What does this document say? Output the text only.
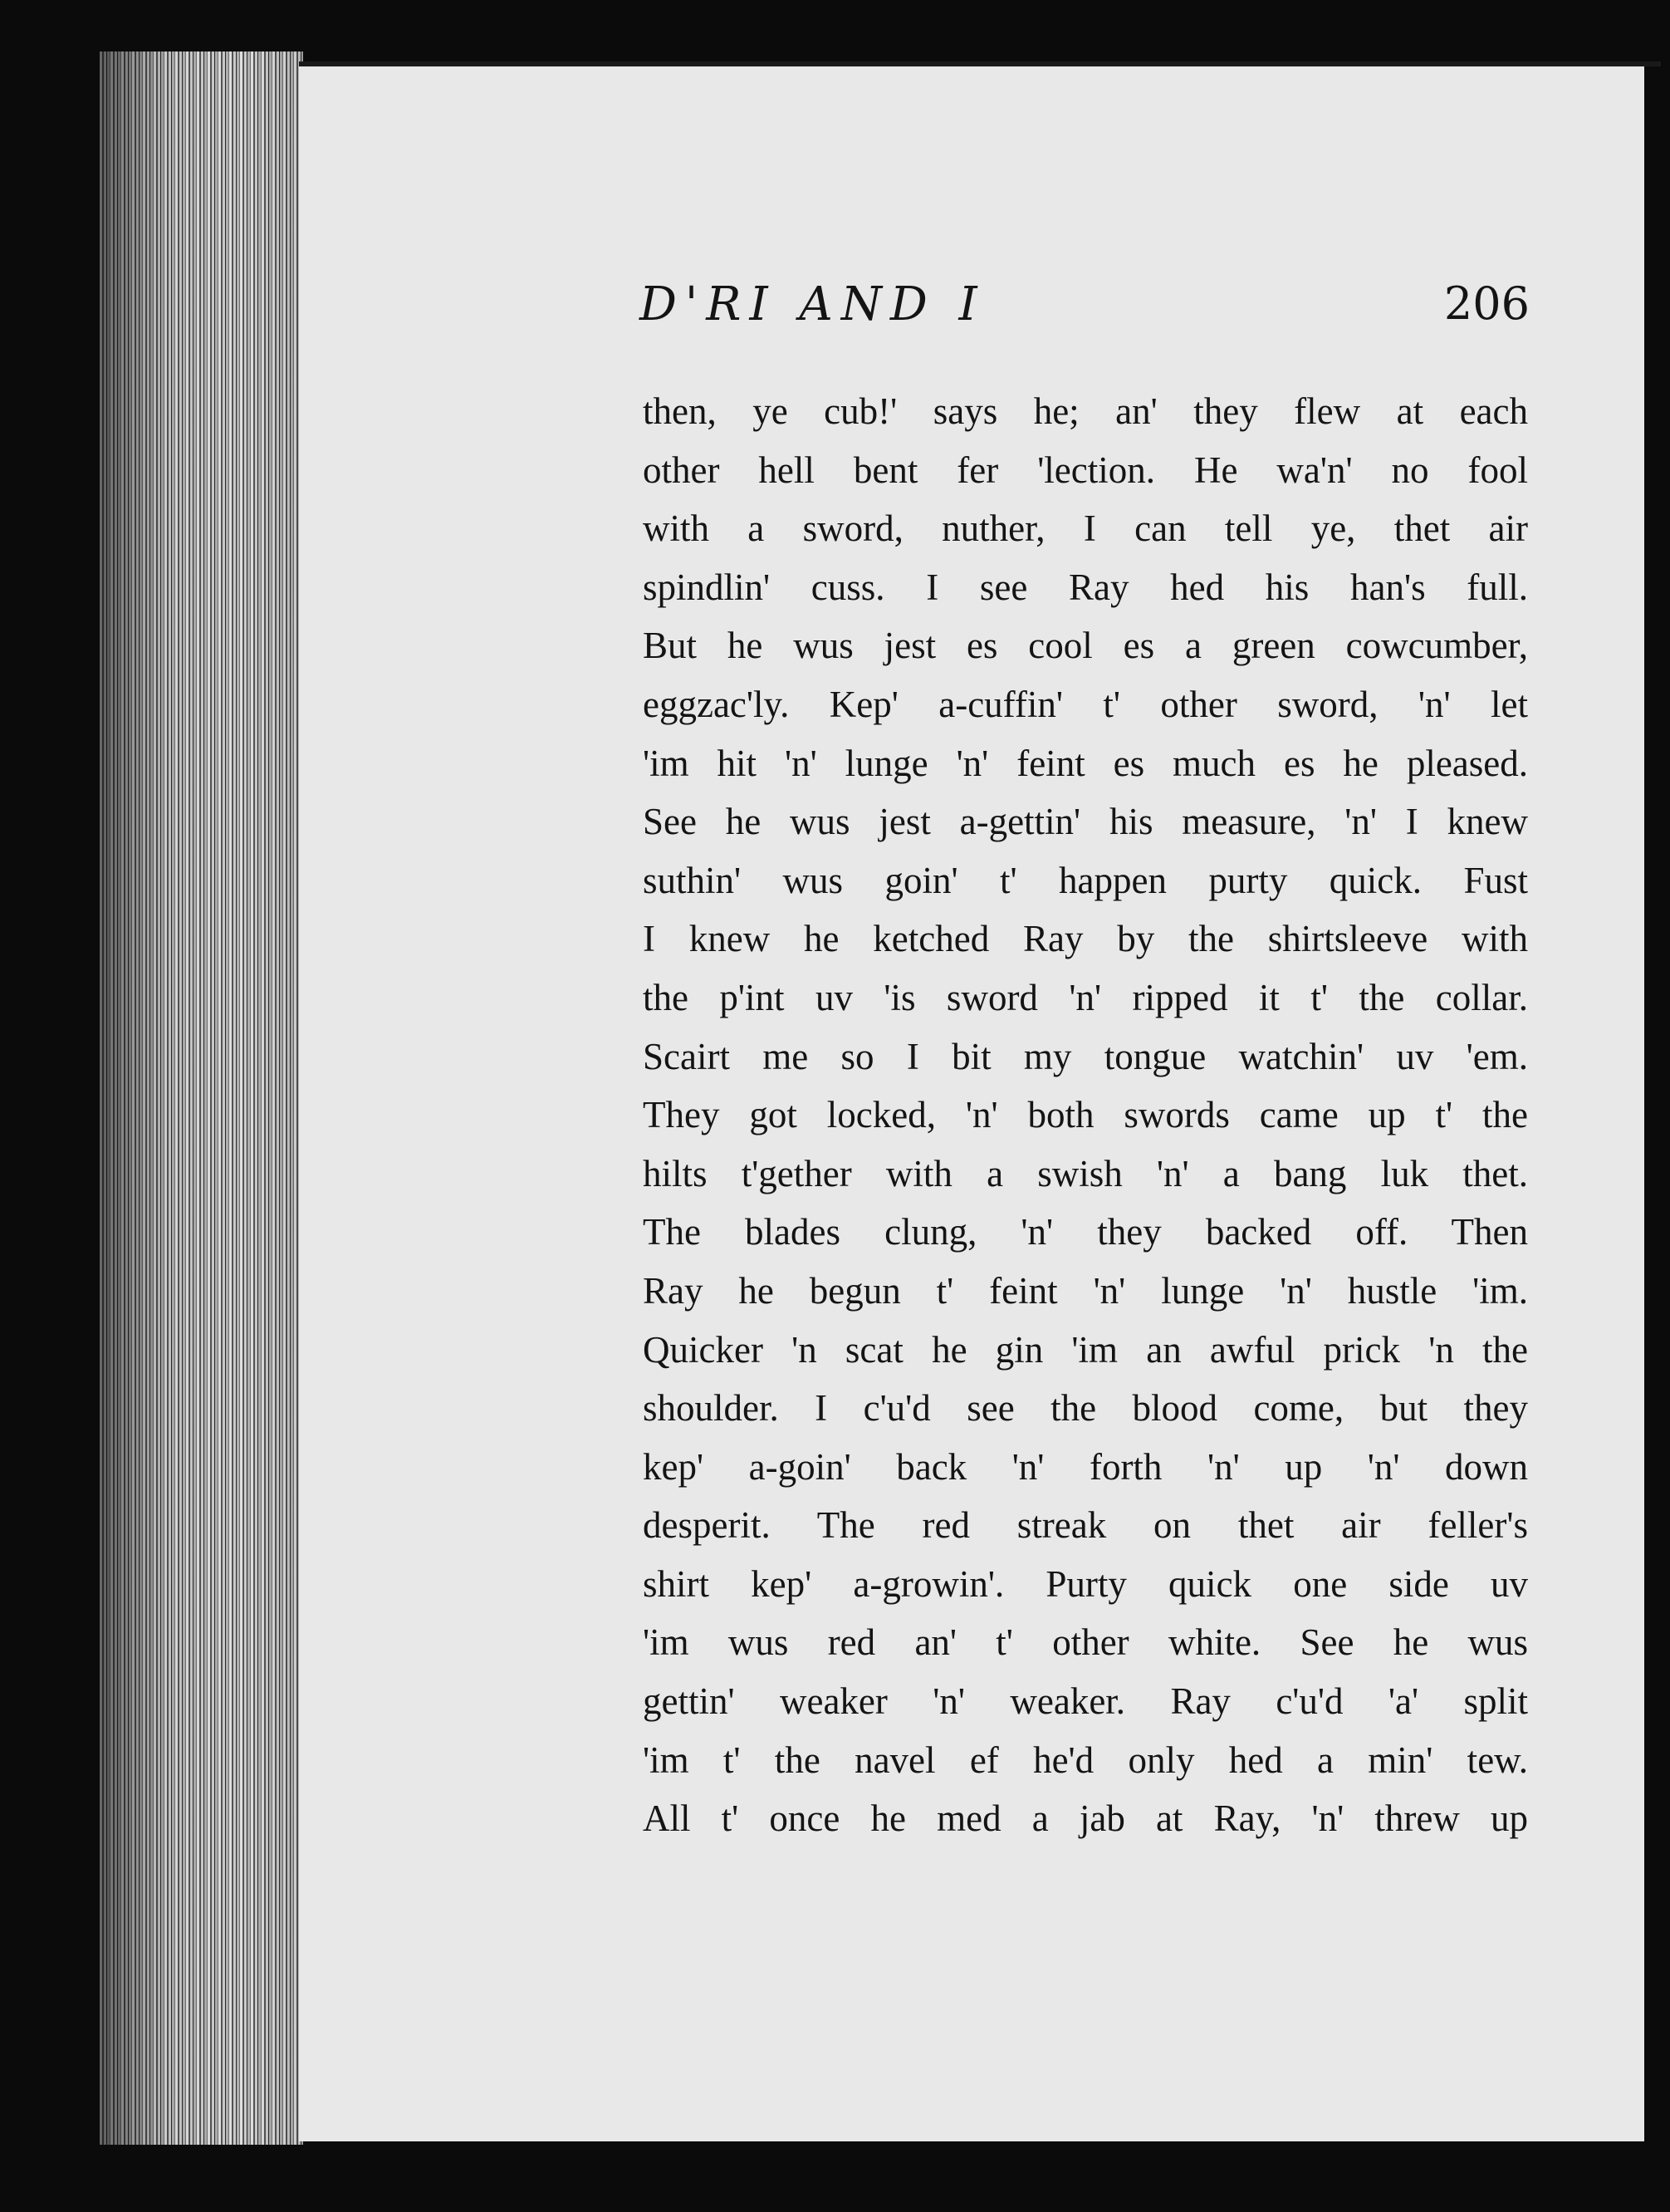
D'RI AND I	206
then, ye cub!' says he; an' they flew at each
other hell bent fer 'lection. He wa'n' no fool
with a sword, nuther, I can tell ye, thet air
spindlin' cuss. I see Ray hed his han's full.
But he wus jest es cool es a green cowcumber,
eggzac'ly. Kep' a-cuffin' t' other sword, 'n' let
'im hit 'n' lunge 'n' feint es much es he pleased.
See he wus jest a-gettin' his measure, 'n' I knew
suthin' wus goin' t' happen purty quick. Fust
I knew he ketched Ray by the shirtsleeve with
the p'int uv 'is sword 'n' ripped it t' the collar.
Scairt me so I bit my tongue watchin' uv 'em.
They got locked, 'n' both swords came up t' the
hilts t'gether with a swish 'n' a bang luk thet.
The blades clung, 'n' they backed off. Then
Ray he begun t' feint 'n' lunge 'n' hustle 'im.
Quicker 'n scat he gin 'im an awful prick 'n the
shoulder. I c'u'd see the blood come, but they
kep' a-goin' back 'n' forth 'n' up 'n' down
desperit. The red streak on thet air feller's
shirt kep' a-growin'. Purty quick one side uv
'im wus red an' t' other white. See he wus
gettin' weaker 'n' weaker. Ray c'u'd 'a' split
'im t' the navel ef he'd only hed a min' tew.
All t' once he med a jab at Ray, 'n' threw up
